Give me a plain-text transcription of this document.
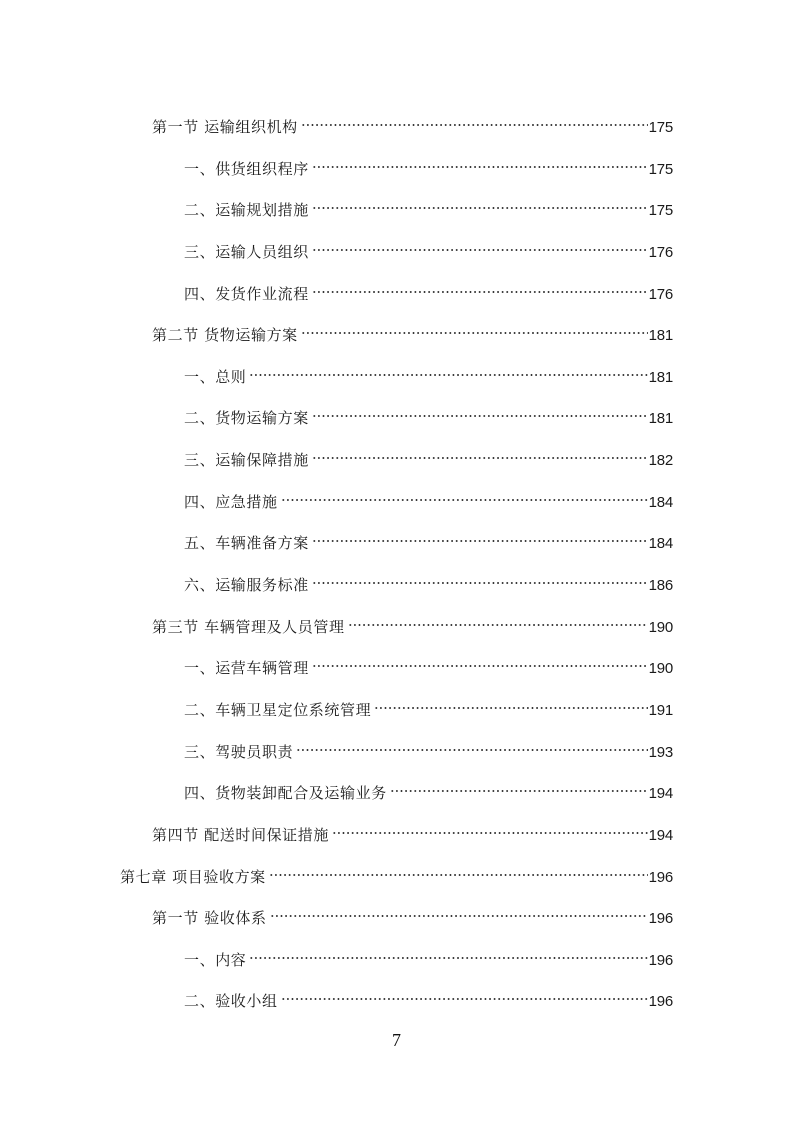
第一节 运输组织机构	175
一、供货组织程序	175
二、运输规划措施	175
三、运输人员组织	176
四、发货作业流程	176
第二节 货物运输方案	181
一、总则	181
二、货物运输方案	181
三、运输保障措施	182
四、应急措施	184
五、车辆准备方案	184
六、运输服务标准	186
第三节 车辆管理及人员管理	190
一、运营车辆管理	190
二、车辆卫星定位系统管理	191
三、驾驶员职责	193
四、货物装卸配合及运输业务	194
第四节 配送时间保证措施	194
第七章 项目验收方案	196
第一节 验收体系	196
一、内容	196
二、验收小组	196
7
